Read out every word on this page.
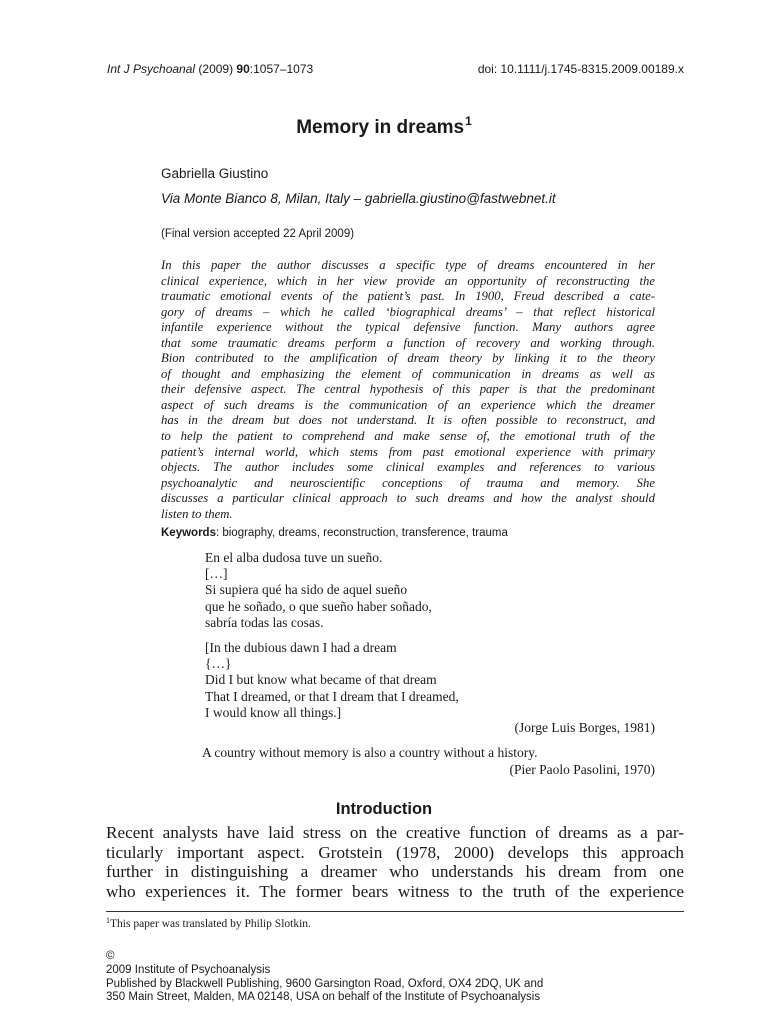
Int J Psychoanal (2009) 90:1057–1073	doi: 10.1111/j.1745-8315.2009.00189.x
Memory in dreams$^1$
Gabriella Giustino
Via Monte Bianco 8, Milan, Italy – gabriella.giustino@fastwebnet.it
(Final version accepted 22 April 2009)
In this paper the author discusses a specific type of dreams encountered in her
clinical experience, which in her view provide an opportunity of reconstructing the
traumatic emotional events of the patient’s past. In 1900, Freud described a cate-
gory of dreams – which he called ‘biographical dreams’ – that reflect historical
infantile experience without the typical defensive function. Many authors agree
that some traumatic dreams perform a function of recovery and working through.
Bion contributed to the amplification of dream theory by linking it to the theory
of thought and emphasizing the element of communication in dreams as well as
their defensive aspect. The central hypothesis of this paper is that the predominant
aspect of such dreams is the communication of an experience which the dreamer
has in the dream but does not understand. It is often possible to reconstruct, and
to help the patient to comprehend and make sense of, the emotional truth of the
patient’s internal world, which stems from past emotional experience with primary
objects. The author includes some clinical examples and references to various
psychoanalytic and neuroscientific conceptions of trauma and memory. She
discusses a particular clinical approach to such dreams and how the analyst should
listen to them.
Keywords: biography, dreams, reconstruction, transference, trauma
En el alba dudosa tuve un sueño.
[…]
Si supiera qué ha sido de aquel sueño
que he soñado, o que sueño haber soñado,
sabría todas las cosas.
[In the dubious dawn I had a dream
{…}
Did I but know what became of that dream
That I dreamed, or that I dream that I dreamed,
I would know all things.]
(Jorge Luis Borges, 1981)
A country without memory is also a country without a history.
(Pier Paolo Pasolini, 1970)
Introduction
Recent analysts have laid stress on the creative function of dreams as a par-
ticularly important aspect. Grotstein (1978, 2000) develops this approach
further in distinguishing a dreamer who understands his dream from one
who experiences it. The former bears witness to the truth of the experience
$^1$This paper was translated by Philip Slotkin.
©
2009 Institute of Psychoanalysis
Published by Blackwell Publishing, 9600 Garsington Road, Oxford, OX4 2DQ, UK and
350 Main Street, Malden, MA 02148, USA on behalf of the Institute of Psychoanalysis
